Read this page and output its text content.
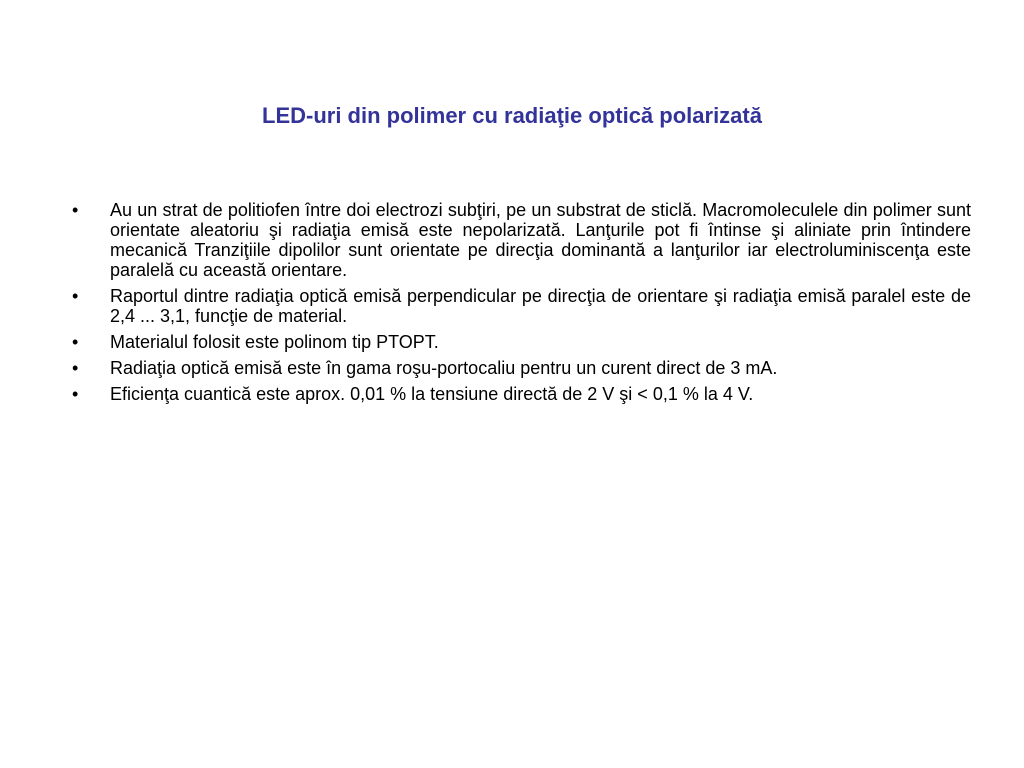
LED-uri din polimer cu radiaţie optică polarizată
• Au un strat de politiofen între doi electrozi subţiri, pe un substrat de sticlă. Macromoleculele din polimer sunt orientate aleatoriu şi radiaţia emisă este nepolarizată. Lanţurile pot fi întinse şi aliniate prin întindere mecanică Tranziţiile dipolilor sunt orientate pe direcţia dominantă a lanţurilor iar electroluminiscenţa este paralelă cu această orientare.
• Raportul dintre radiaţia optică emisă perpendicular pe direcţia de orientare şi radiaţia emisă paralel este de 2,4 ... 3,1, funcţie de material.
• Materialul folosit este polinom tip PTOPT.
• Radiaţia optică emisă este în gama roşu-portocaliu pentru un curent direct de 3 mA.
• Eficienţa cuantică este aprox. 0,01 % la tensiune directă de 2 V şi < 0,1 % la 4 V.
